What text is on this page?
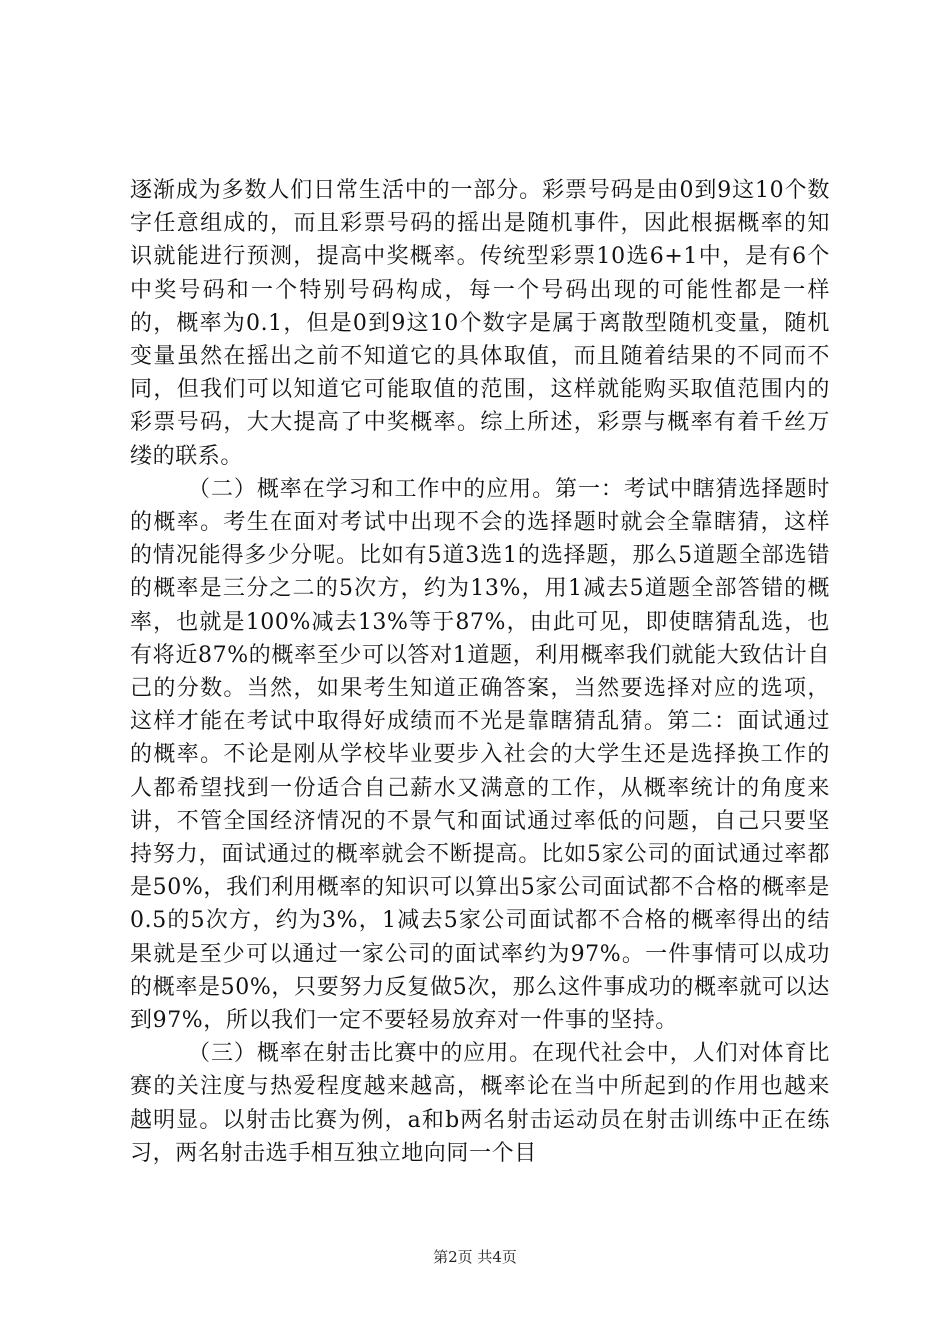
逐渐成为多数人们日常生活中的一部分。彩票号码是由0到9这10个数字任意组成的，而且彩票号码的摇出是随机事件，因此根据概率的知识就能进行预测，提高中奖概率。传统型彩票10选6+1中，是有6个中奖号码和一个特别号码构成，每一个号码出现的可能性都是一样的，概率为0.1，但是0到9这10个数字是属于离散型随机变量，随机变量虽然在摇出之前不知道它的具体取值，而且随着结果的不同而不同，但我们可以知道它可能取值的范围，这样就能购买取值范围内的彩票号码，大大提高了中奖概率。综上所述，彩票与概率有着千丝万缕的联系。

（二）概率在学习和工作中的应用。第一：考试中瞎猜选择题时的概率。考生在面对考试中出现不会的选择题时就会全靠瞎猜，这样的情况能得多少分呢。比如有5道3选1的选择题，那么5道题全部选错的概率是三分之二的5次方，约为13%，用1减去5道题全部答错的概率，也就是100%减去13%等于87%，由此可见，即使瞎猜乱选，也有将近87%的概率至少可以答对1道题，利用概率我们就能大致估计自己的分数。当然，如果考生知道正确答案，当然要选择对应的选项，这样才能在考试中取得好成绩而不光是靠瞎猜乱猜。第二：面试通过的概率。不论是刚从学校毕业要步入社会的大学生还是选择换工作的人都希望找到一份适合自己薪水又满意的工作，从概率统计的角度来讲，不管全国经济情况的不景气和面试通过率低的问题，自己只要坚持努力，面试通过的概率就会不断提高。比如5家公司的面试通过率都是50%，我们利用概率的知识可以算出5家公司面试都不合格的概率是0.5的5次方，约为3%，1减去5家公司面试都不合格的概率得出的结果就是至少可以通过一家公司的面试率约为97%。一件事情可以成功的概率是50%，只要努力反复做5次，那么这件事成功的概率就可以达到97%，所以我们一定不要轻易放弃对一件事的坚持。

（三）概率在射击比赛中的应用。在现代社会中，人们对体育比赛的关注度与热爱程度越来越高，概率论在当中所起到的作用也越来越明显。以射击比赛为例，a和b两名射击运动员在射击训练中正在练习，两名射击选手相互独立地向同一个目

第2页 共4页
